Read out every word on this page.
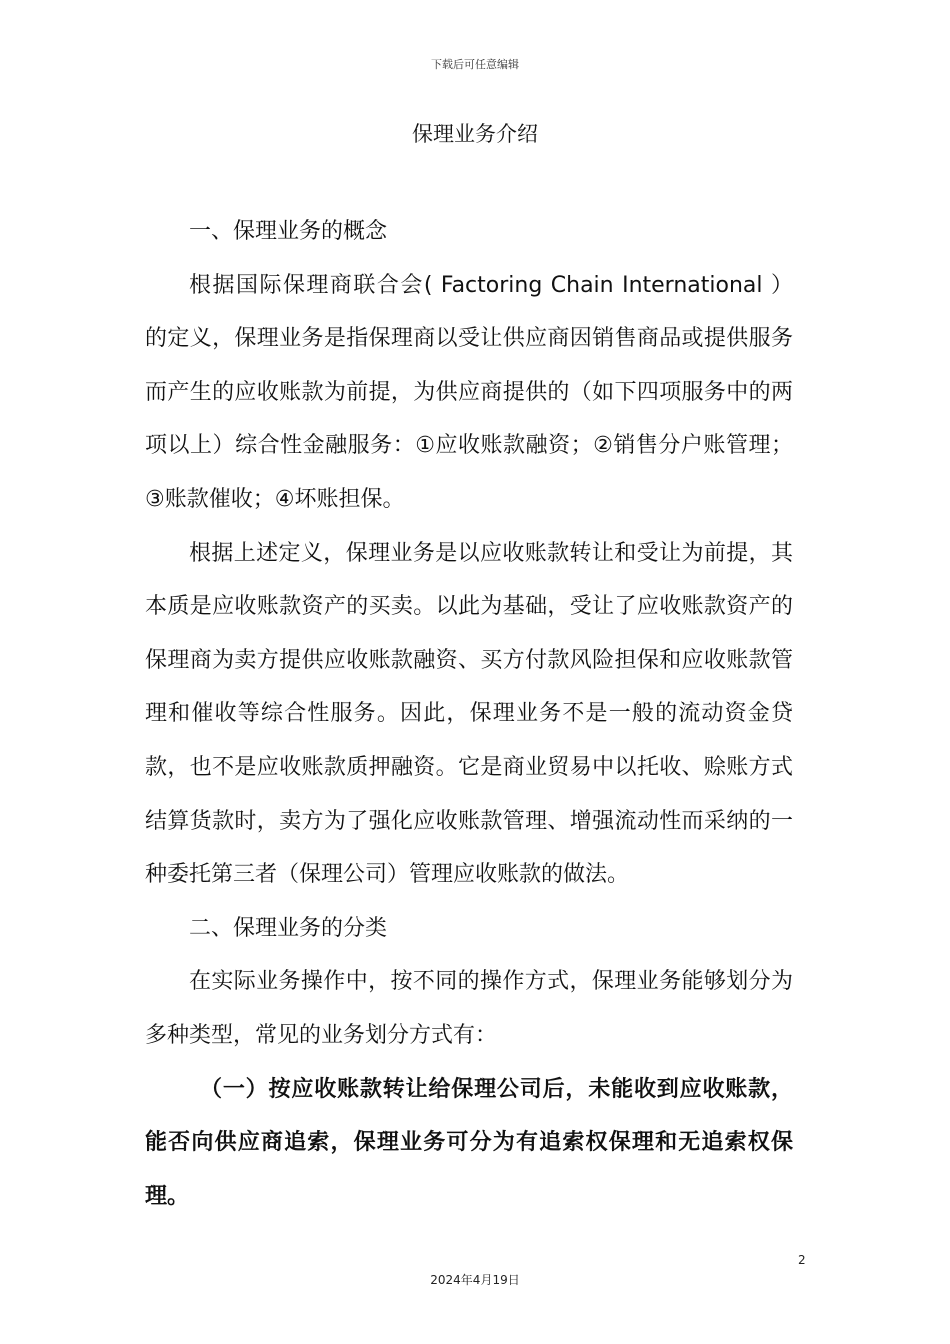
下载后可任意编辑
保理业务介绍

一、保理业务的概念

根据国际保理商联合会( Factoring Chain International ）的定义，保理业务是指保理商以受让供应商因销售商品或提供服务而产生的应收账款为前提，为供应商提供的（如下四项服务中的两项以上）综合性金融服务：①应收账款融资；②销售分户账管理；③账款催收；④坏账担保。

根据上述定义，保理业务是以应收账款转让和受让为前提，其本质是应收账款资产的买卖。以此为基础，受让了应收账款资产的保理商为卖方提供应收账款融资、买方付款风险担保和应收账款管理和催收等综合性服务。因此，保理业务不是一般的流动资金贷款，也不是应收账款质押融资。它是商业贸易中以托收、赊账方式结算货款时，卖方为了强化应收账款管理、增强流动性而采纳的一种委托第三者（保理公司）管理应收账款的做法。

二、保理业务的分类

在实际业务操作中，按不同的操作方式，保理业务能够划分为多种类型，常见的业务划分方式有：

（一）按应收账款转让给保理公司后，未能收到应收账款，能否向供应商追索，保理业务可分为有追索权保理和无追索权保理。

2
2024年4月19日
